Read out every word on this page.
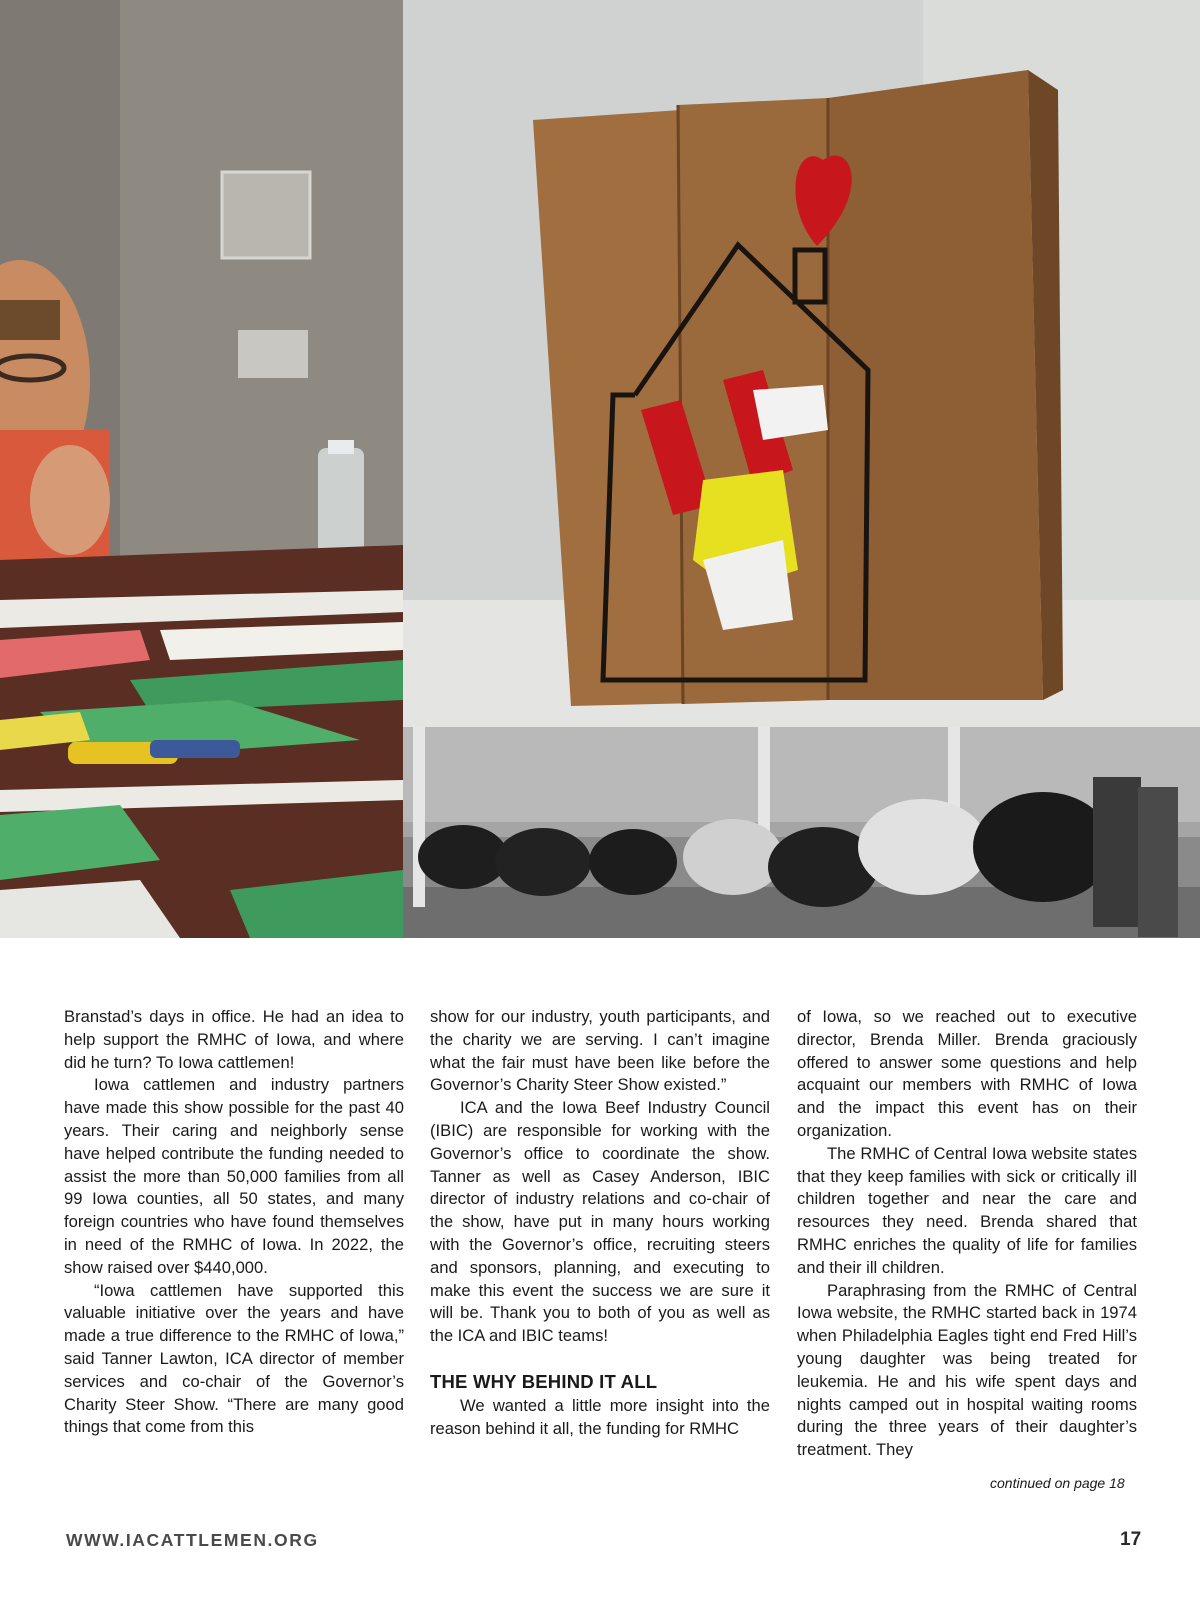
Branstad’s days in office. He had an idea to help support the RMHC of Iowa, and where did he turn? To Iowa cattlemen!

Iowa cattlemen and industry partners have made this show possible for the past 40 years. Their caring and neighborly sense have helped contribute the funding needed to assist the more than 50,000 families from all 99 Iowa counties, all 50 states, and many foreign countries who have found themselves in need of the RMHC of Iowa. In 2022, the show raised over $440,000.

“Iowa cattlemen have supported this valuable initiative over the years and have made a true difference to the RMHC of Iowa,” said Tanner Lawton, ICA director of member services and co-chair of the Governor’s Charity Steer Show. “There are many good things that come from this

show for our industry, youth participants, and the charity we are serving. I can’t imagine what the fair must have been like before the Governor’s Charity Steer Show existed.”

ICA and the Iowa Beef Industry Council (IBIC) are responsible for working with the Governor’s office to coordinate the show. Tanner as well as Casey Anderson, IBIC director of industry relations and co-chair of the show, have put in many hours working with the Governor’s office, recruiting steers and sponsors, planning, and executing to make this event the success we are sure it will be. Thank you to both of you as well as the ICA and IBIC teams!

THE WHY BEHIND IT ALL

We wanted a little more insight into the reason behind it all, the funding for RMHC

of Iowa, so we reached out to executive director, Brenda Miller. Brenda graciously offered to answer some questions and help acquaint our members with RMHC of Iowa and the impact this event has on their organization.

The RMHC of Central Iowa website states that they keep families with sick or critically ill children together and near the care and resources they need. Brenda shared that RMHC enriches the quality of life for families and their ill children.

Paraphrasing from the RMHC of Central Iowa website, the RMHC started back in 1974 when Philadelphia Eagles tight end Fred Hill’s young daughter was being treated for leukemia. He and his wife spent days and nights camped out in hospital waiting rooms during the three years of their daughter’s treatment. They

continued on page 18
WWW.IACATTLEMEN.ORG	17
